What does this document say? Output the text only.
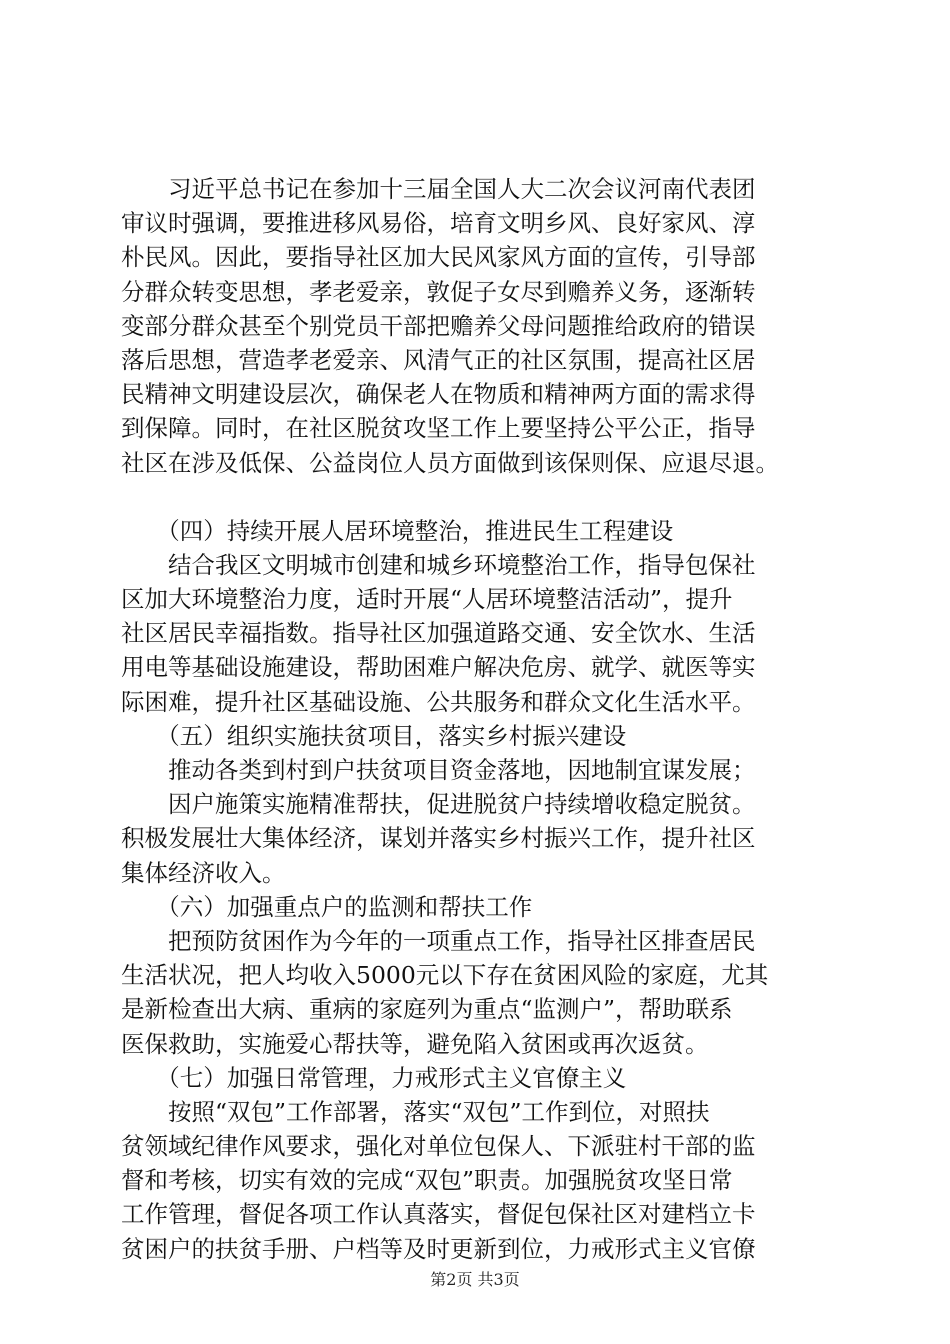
　　习近平总书记在参加十三届全国人大二次会议河南代表团
审议时强调，要推进移风易俗，培育文明乡风、良好家风、淳
朴民风。因此，要指导社区加大民风家风方面的宣传，引导部
分群众转变思想，孝老爱亲，敦促子女尽到赡养义务，逐渐转
变部分群众甚至个别党员干部把赡养父母问题推给政府的错误
落后思想，营造孝老爱亲、风清气正的社区氛围，提高社区居
民精神文明建设层次，确保老人在物质和精神两方面的需求得
到保障。同时，在社区脱贫攻坚工作上要坚持公平公正，指导
社区在涉及低保、公益岗位人员方面做到该保则保、应退尽退。
　　（四）持续开展人居环境整治，推进民生工程建设
　　结合我区文明城市创建和城乡环境整治工作，指导包保社
区加大环境整治力度，适时开展“人居环境整洁活动”，提升
社区居民幸福指数。指导社区加强道路交通、安全饮水、生活
用电等基础设施建设，帮助困难户解决危房、就学、就医等实
际困难，提升社区基础设施、公共服务和群众文化生活水平。
　　（五）组织实施扶贫项目，落实乡村振兴建设
　　推动各类到村到户扶贫项目资金落地，因地制宜谋发展；
　　因户施策实施精准帮扶，促进脱贫户持续增收稳定脱贫。
积极发展壮大集体经济，谋划并落实乡村振兴工作，提升社区
集体经济收入。
　　（六）加强重点户的监测和帮扶工作
　　把预防贫困作为今年的一项重点工作，指导社区排查居民
生活状况，把人均收入5000元以下存在贫困风险的家庭，尤其
是新检查出大病、重病的家庭列为重点“监测户”，帮助联系
医保救助，实施爱心帮扶等，避免陷入贫困或再次返贫。
　　（七）加强日常管理，力戒形式主义官僚主义
　　按照“双包”工作部署，落实“双包”工作到位，对照扶
贫领域纪律作风要求，强化对单位包保人、下派驻村干部的监
督和考核，切实有效的完成“双包”职责。加强脱贫攻坚日常
工作管理，督促各项工作认真落实，督促包保社区对建档立卡
贫困户的扶贫手册、户档等及时更新到位，力戒形式主义官僚
第2页 共3页
